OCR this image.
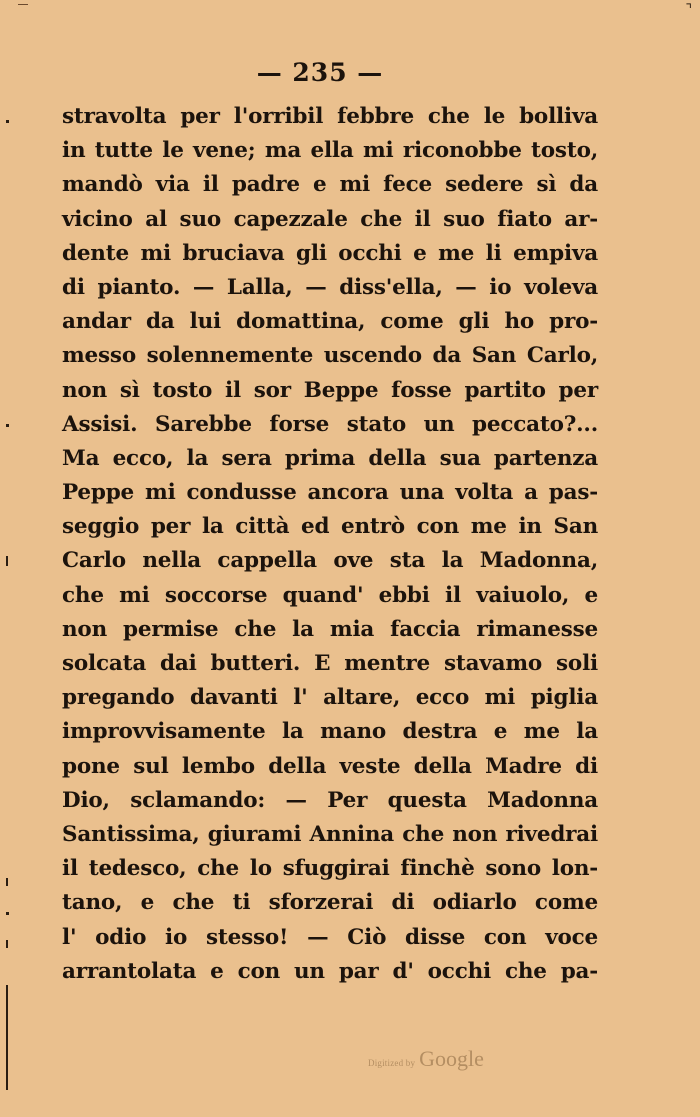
⌝
— 235 —
stravolta per l'orribil febbre che le bolliva
in tutte le vene; ma ella mi riconobbe tosto,
mandò via il padre e mi fece sedere sì da
vicino al suo capezzale che il suo fiato ar-
dente mi bruciava gli occhi e me li empiva
di pianto. — Lalla, — diss'ella, — io voleva
andar da lui domattina, come gli ho pro-
messo solennemente uscendo da San Carlo,
non sì tosto il sor Beppe fosse partito per
Assisi. Sarebbe forse stato un peccato?...
Ma ecco, la sera prima della sua partenza
Peppe mi condusse ancora una volta a pas-
seggio per la città ed entrò con me in San
Carlo nella cappella ove sta la Madonna,
che mi soccorse quand' ebbi il vaiuolo, e
non permise che la mia faccia rimanesse
solcata dai butteri. E mentre stavamo soli
pregando davanti l' altare, ecco mi piglia
improvvisamente la mano destra e me la
pone sul lembo della veste della Madre di
Dio, sclamando: — Per questa Madonna
Santissima, giurami Annina che non rivedrai
il tedesco, che lo sfuggirai finchè sono lon-
tano, e che ti sforzerai di odiarlo come
l' odio io stesso! — Ciò disse con voce
arrantolata e con un par d' occhi che pa-
Digitized by Google
